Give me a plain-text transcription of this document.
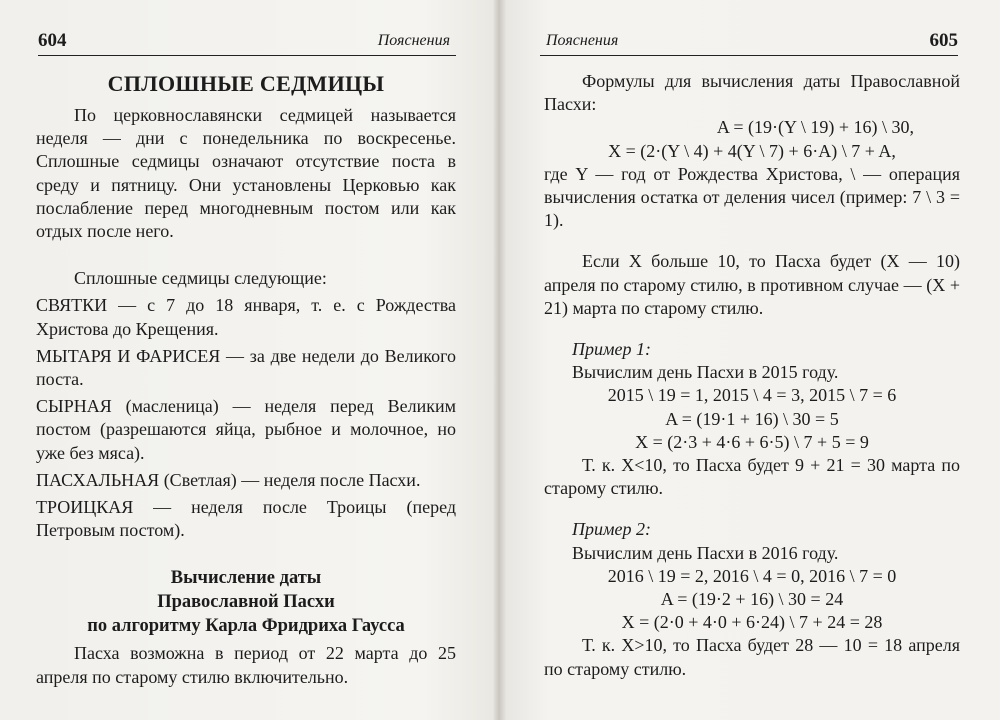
604	Пояснения
СПЛОШНЫЕ СЕДМИЦЫ

По церковнославянски седмицей называется неделя — дни с понедельника по воскресенье. Сплошные седмицы означают отсутствие поста в среду и пятницу. Они установлены Церковью как послабление перед многодневным постом или как отдых после него.

Сплошные седмицы следующие:

СВЯТКИ — с 7 до 18 января, т. е. с Рождества Христова до Крещения.

МЫТАРЯ И ФАРИСЕЯ — за две недели до Великого поста.

СЫРНАЯ (масленица) — неделя перед Великим постом (разрешаются яйца, рыбное и молочное, но уже без мяса).

ПАСХАЛЬНАЯ (Светлая) — неделя после Пасхи.

ТРОИЦКАЯ — неделя после Троицы (перед Петровым постом).

Вычисление даты
Православной Пасхи
по алгоритму Карла Фридриха Гаусса

Пасха возможна в период от 22 марта до 25 апреля по старому стилю включительно.

Пояснения	605

Формулы для вычисления даты Православной Пасхи:

A = (19·(Y \ 19) + 16) \ 30,
X = (2·(Y \ 4) + 4(Y \ 7) + 6·A) \ 7 + A,

где Y — год от Рождества Христова, \ — операция вычисления остатка от деления чисел (пример: 7 \ 3 = 1).

Если X больше 10, то Пасха будет (X — 10) апреля по старому стилю, в противном случае — (X + 21) марта по старому стилю.

Пример 1:

Вычислим день Пасхи в 2015 году.

2015 \ 19 = 1, 2015 \ 4 = 3, 2015 \ 7 = 6
A = (19·1 + 16) \ 30 = 5
X = (2·3 + 4·6 + 6·5) \ 7 + 5 = 9

Т. к. X<10, то Пасха будет 9 + 21 = 30 марта по старому стилю.

Пример 2:

Вычислим день Пасхи в 2016 году.

2016 \ 19 = 2, 2016 \ 4 = 0, 2016 \ 7 = 0
A = (19·2 + 16) \ 30 = 24
X = (2·0 + 4·0 + 6·24) \ 7 + 24 = 28

Т. к. X>10, то Пасха будет 28 — 10 = 18 апреля по старому стилю.
